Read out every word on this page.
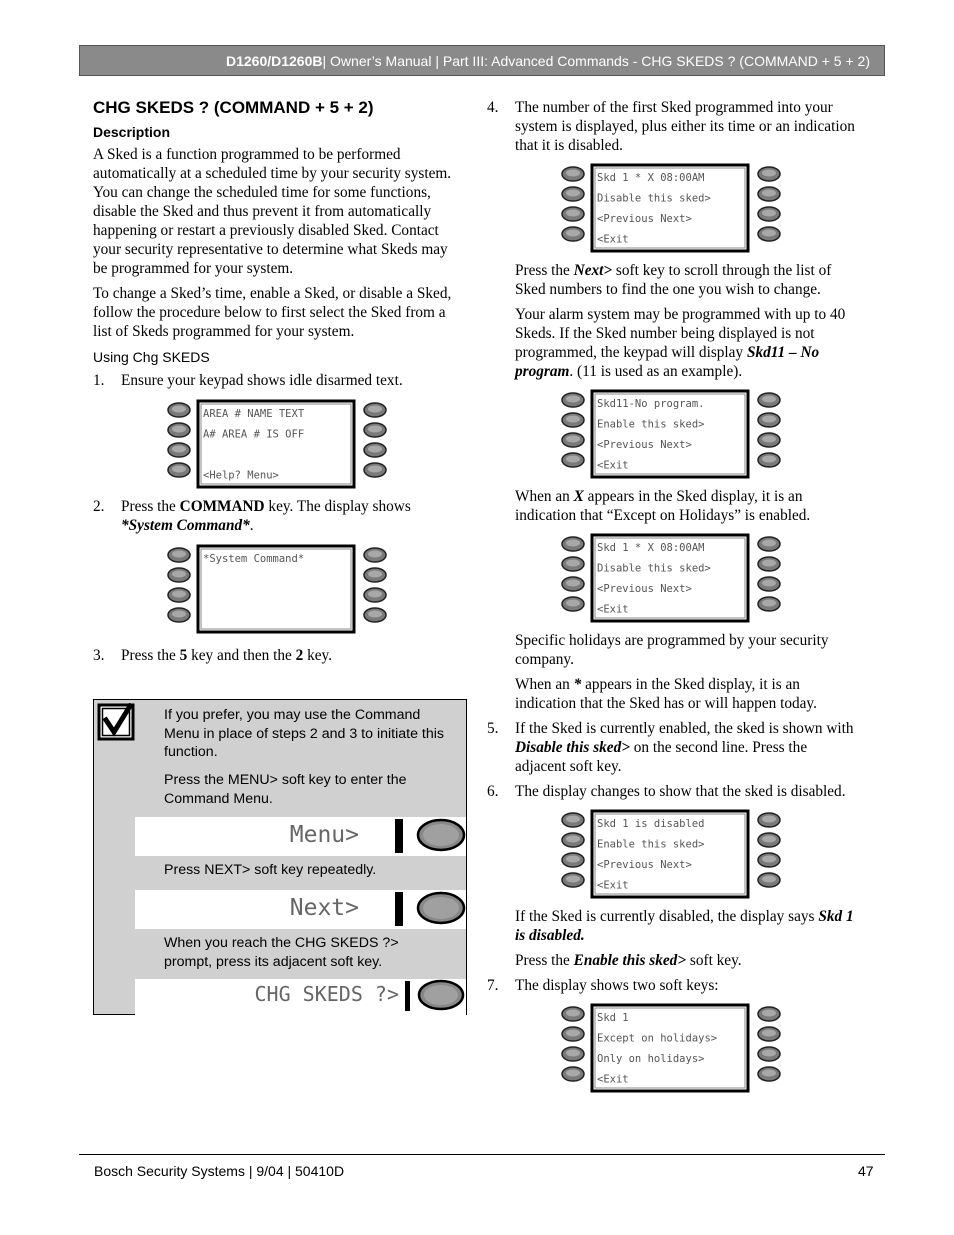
D1260/D1260B | Owner’s Manual | Part III: Advanced Commands - CHG SKEDS ? (COMMAND + 5 + 2)
CHG SKEDS ? (COMMAND + 5 + 2)
Description

A Sked is a function programmed to be performed automatically at a scheduled time by your security system. You can change the scheduled time for some functions, disable the Sked and thus prevent it from automatically happening or restart a previously disabled Sked. Contact your security representative to determine what Skeds may be programmed for your system.

To change a Sked’s time, enable a Sked, or disable a Sked, follow the procedure below to first select the Sked from a list of Skeds programmed for your system.

Using Chg SKEDS
1.	Ensure your keypad shows idle disarmed text.
AREA # NAME TEXT
A# AREA # IS OFF
<Help? Menu>
2.	Press the COMMAND key. The display shows *System Command*.
*System Command*
3.	Press the 5 key and then the 2 key.
If you prefer, you may use the Command Menu in place of steps 2 and 3 to initiate this function.
Press the MENU> soft key to enter the Command Menu.
Menu>
Press NEXT> soft key repeatedly.
Next>
When you reach the CHG SKEDS ?> prompt, press its adjacent soft key.
CHG SKEDS ?>
4.	The number of the first Sked programmed into your system is displayed, plus either its time or an indication that it is disabled.
Skd 1 * X 08:00AM
Disable this sked>
<Previous Next>
<Exit

Press the Next> soft key to scroll through the list of Sked numbers to find the one you wish to change.

Your alarm system may be programmed with up to 40 Skeds. If the Sked number being displayed is not programmed, the keypad will display Skd11 – No program. (11 is used as an example).

Skd11-No program.
Enable this sked>
<Previous Next>
<Exit

When an X appears in the Sked display, it is an indication that “Except on Holidays” is enabled.

Skd 1 * X 08:00AM
Disable this sked>
<Previous Next>
<Exit

Specific holidays are programmed by your security company.

When an * appears in the Sked display, it is an indication that the Sked has or will happen today.

5.	If the Sked is currently enabled, the sked is shown with Disable this sked> on the second line. Press the adjacent soft key.
6.	The display changes to show that the sked is disabled.
Skd 1 is disabled
Enable this sked>
<Previous Next>
<Exit

If the Sked is currently disabled, the display says Skd 1 is disabled.

Press the Enable this sked> soft key.

7.	The display shows two soft keys:
Skd 1
Except on holidays>
Only on holidays>
<Exit
Bosch Security Systems | 9/04 | 50410D	47
